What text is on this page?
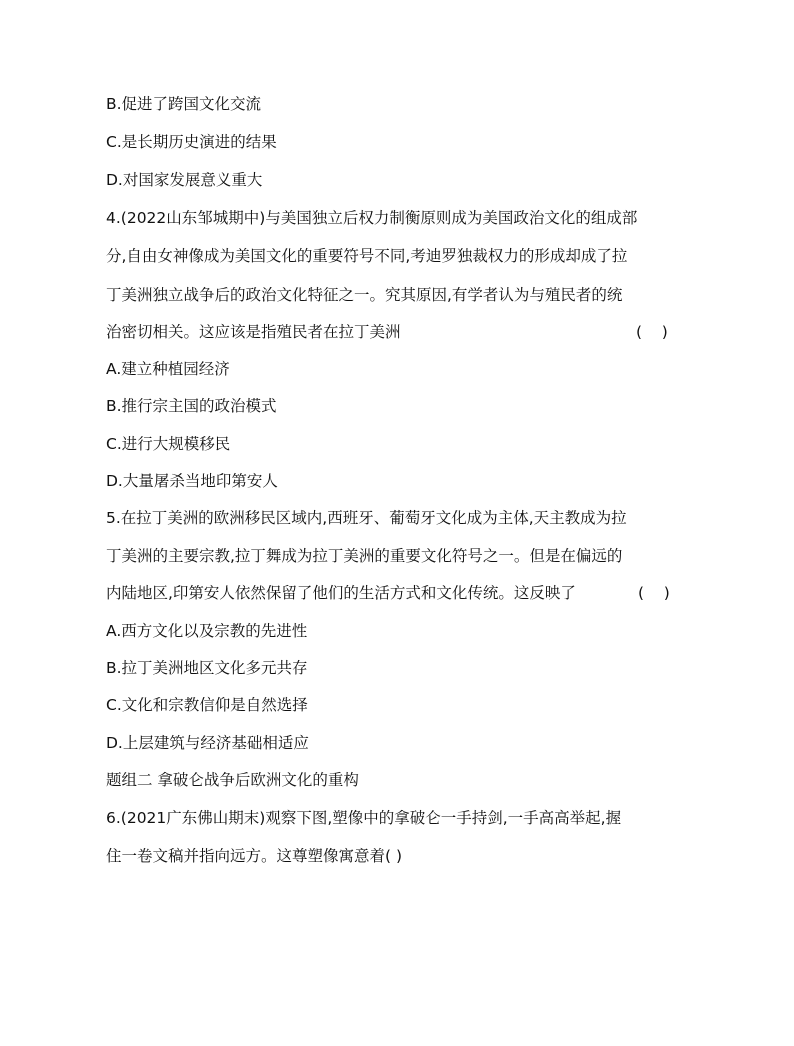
B.促进了跨国文化交流
C.是长期历史演进的结果
D.对国家发展意义重大
4.(2022山东邹城期中)与美国独立后权力制衡原则成为美国政治文化的组成部
分,自由女神像成为美国文化的重要符号不同,考迪罗独裁权力的形成却成了拉
丁美洲独立战争后的政治文化特征之一。究其原因,有学者认为与殖民者的统
治密切相关。这应该是指殖民者在拉丁美洲	(    )
A.建立种植园经济
B.推行宗主国的政治模式
C.进行大规模移民
D.大量屠杀当地印第安人
5.在拉丁美洲的欧洲移民区域内,西班牙、葡萄牙文化成为主体,天主教成为拉
丁美洲的主要宗教,拉丁舞成为拉丁美洲的重要文化符号之一。但是在偏远的
内陆地区,印第安人依然保留了他们的生活方式和文化传统。这反映了	(    )
A.西方文化以及宗教的先进性
B.拉丁美洲地区文化多元共存
C.文化和宗教信仰是自然选择
D.上层建筑与经济基础相适应
题组二 拿破仑战争后欧洲文化的重构
6.(2021广东佛山期末)观察下图,塑像中的拿破仑一手持剑,一手高高举起,握
住一卷文稿并指向远方。这尊塑像寓意着( )
